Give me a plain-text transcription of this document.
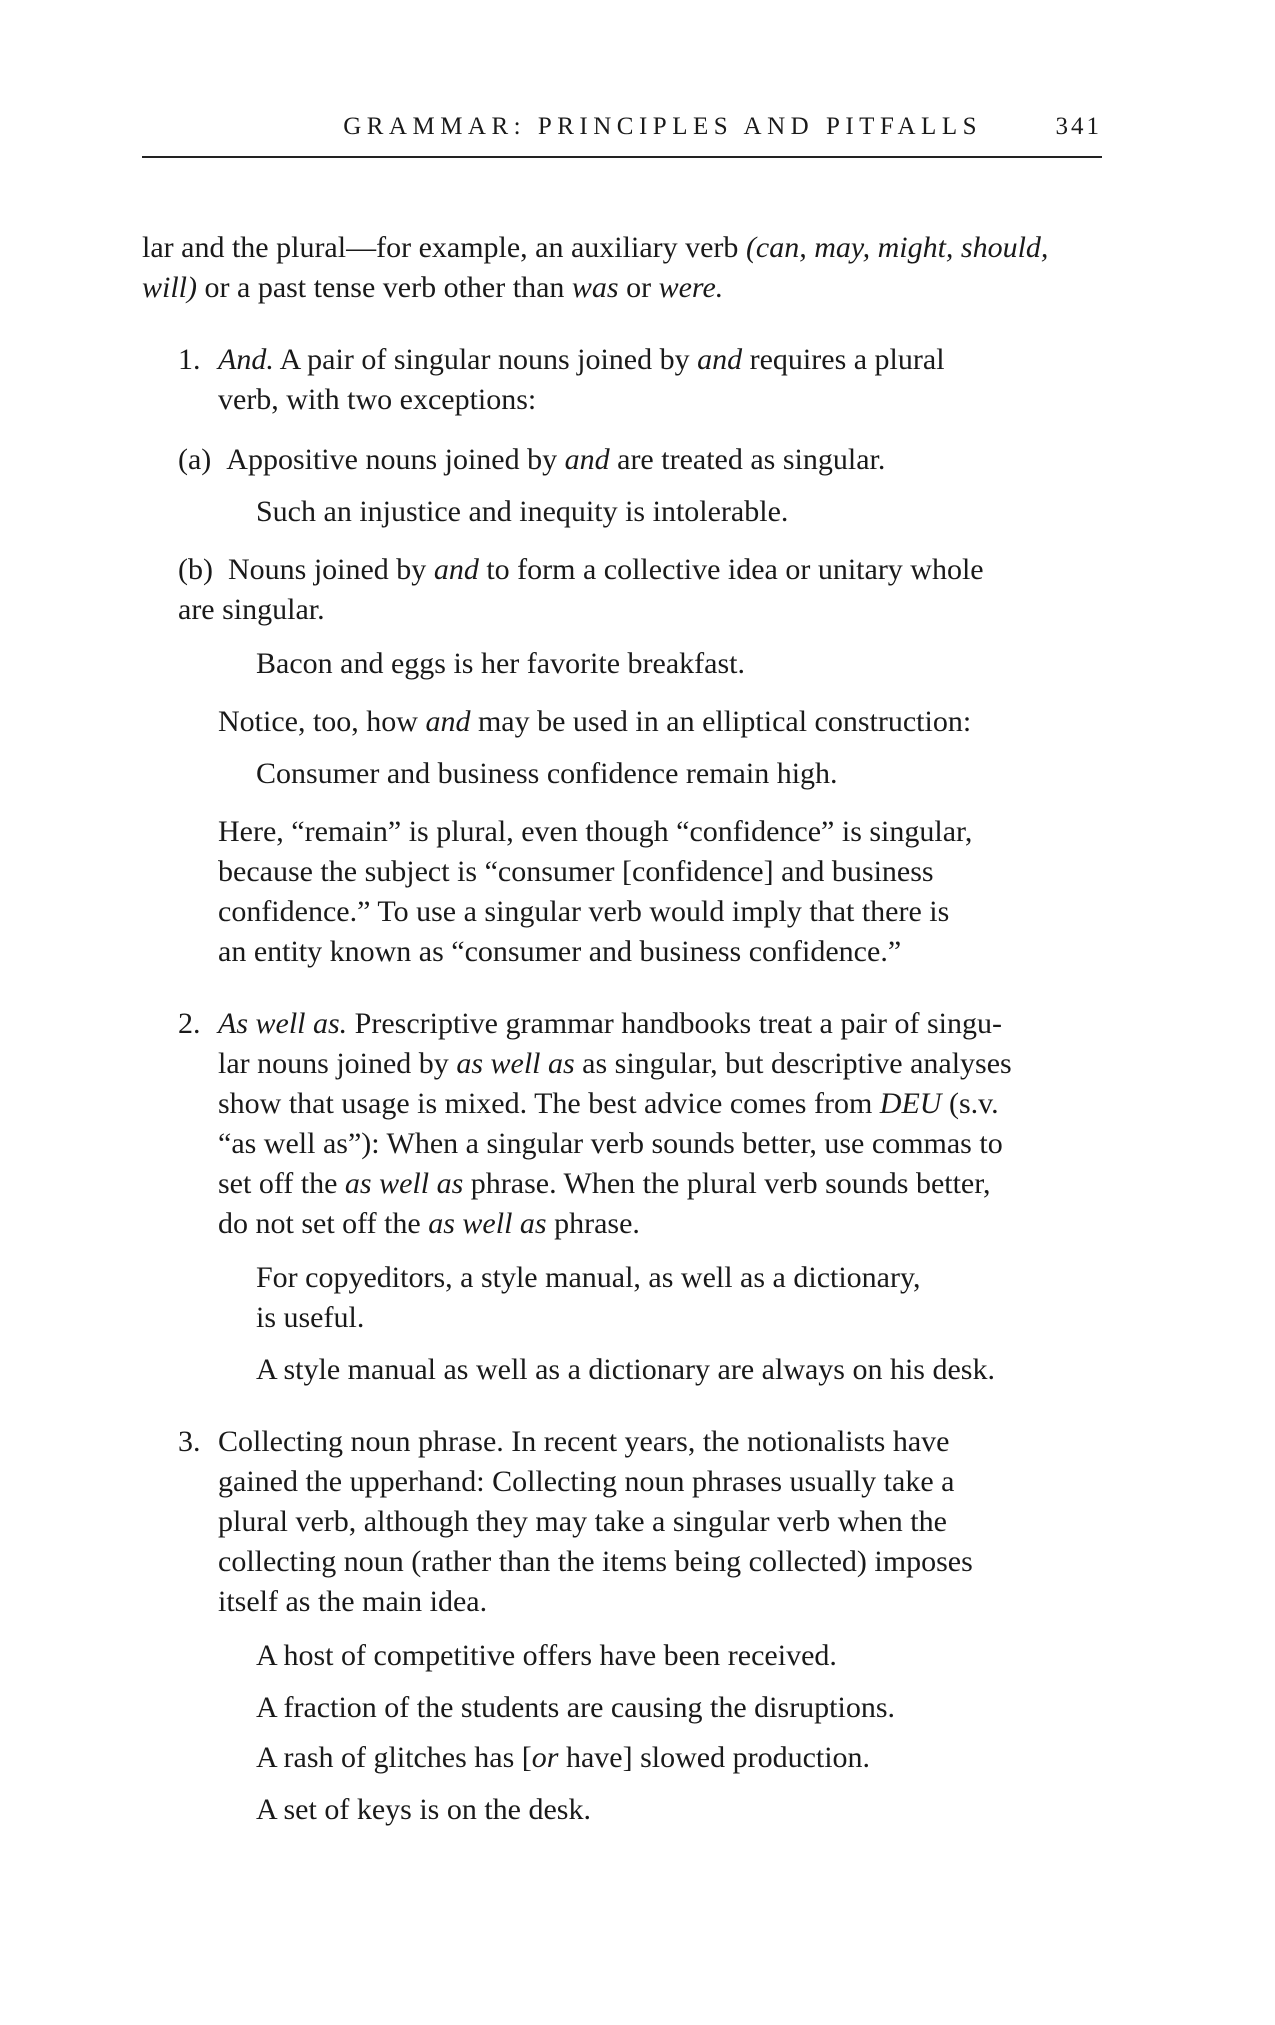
GRAMMAR: PRINCIPLES AND PITFALLS	341
lar and the plural—for example, an auxiliary verb (can, may, might, should,
will) or a past tense verb other than was or were.
1. And. A pair of singular nouns joined by and requires a plural
verb, with two exceptions:
(a) Appositive nouns joined by and are treated as singular.
Such an injustice and inequity is intolerable.
(b) Nouns joined by and to form a collective idea or unitary whole
are singular.
Bacon and eggs is her favorite breakfast.
Notice, too, how and may be used in an elliptical construction:
Consumer and business confidence remain high.
Here, “remain” is plural, even though “confidence” is singular,
because the subject is “consumer [confidence] and business
confidence.” To use a singular verb would imply that there is
an entity known as “consumer and business confidence.”
2. As well as. Prescriptive grammar handbooks treat a pair of singu-
lar nouns joined by as well as as singular, but descriptive analyses
show that usage is mixed. The best advice comes from DEU (s.v.
“as well as”): When a singular verb sounds better, use commas to
set off the as well as phrase. When the plural verb sounds better,
do not set off the as well as phrase.
For copyeditors, a style manual, as well as a dictionary,
is useful.
A style manual as well as a dictionary are always on his desk.
3. Collecting noun phrase. In recent years, the notionalists have
gained the upperhand: Collecting noun phrases usually take a
plural verb, although they may take a singular verb when the
collecting noun (rather than the items being collected) imposes
itself as the main idea.
A host of competitive offers have been received.
A fraction of the students are causing the disruptions.
A rash of glitches has [or have] slowed production.
A set of keys is on the desk.
